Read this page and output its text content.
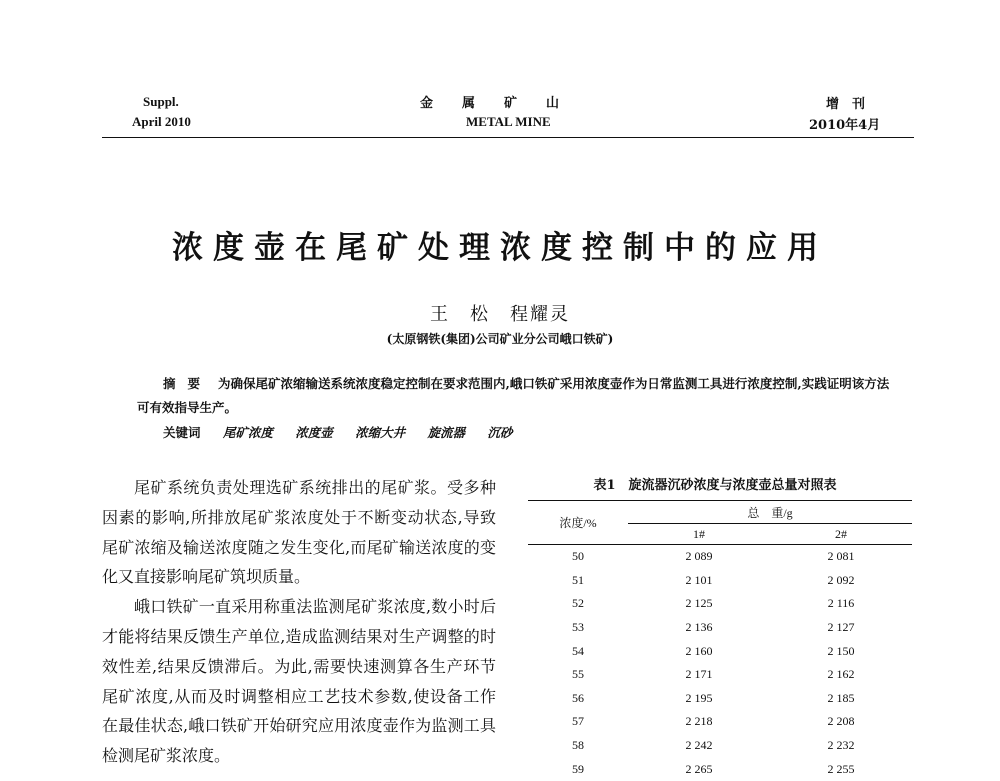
Suppl.
April 2010
金　属　矿　山
METAL MINE
增　刊
2010年4月
浓度壶在尾矿处理浓度控制中的应用
王　松　程耀灵
(太原钢铁(集团)公司矿业分公司峨口铁矿)
摘要 为确保尾矿浓缩输送系统浓度稳定控制在要求范围内,峨口铁矿采用浓度壶作为日常监测工具进行浓度控制,实践证明该方法可有效指导生产。
关键词 尾矿浓度 浓度壶 浓缩大井 旋流器 沉砂

尾矿系统负责处理选矿系统排出的尾矿浆。受多种因素的影响,所排放尾矿浆浓度处于不断变动状态,导致尾矿浓缩及输送浓度随之发生变化,而尾矿输送浓度的变化又直接影响尾矿筑坝质量。

峨口铁矿一直采用称重法监测尾矿浆浓度,数小时后才能将结果反馈生产单位,造成监测结果对生产调整的时效性差,结果反馈滞后。为此,需要快速测算各生产环节尾矿浓度,从而及时调整相应工艺技术参数,使设备工作在最佳状态,峨口铁矿开始研究应用浓度壶作为监测工具检测尾矿浆浓度。

表1　旋流器沉砂浓度与浓度壶总量对照表
浓度/%	总　重/g	
	1#	2#
50	2 089	2 081
51	2 101	2 092
52	2 125	2 116
53	2 136	2 127
54	2 160	2 150
55	2 171	2 162
56	2 195	2 185
57	2 218	2 208
58	2 242	2 232
59	2 265	2 255
